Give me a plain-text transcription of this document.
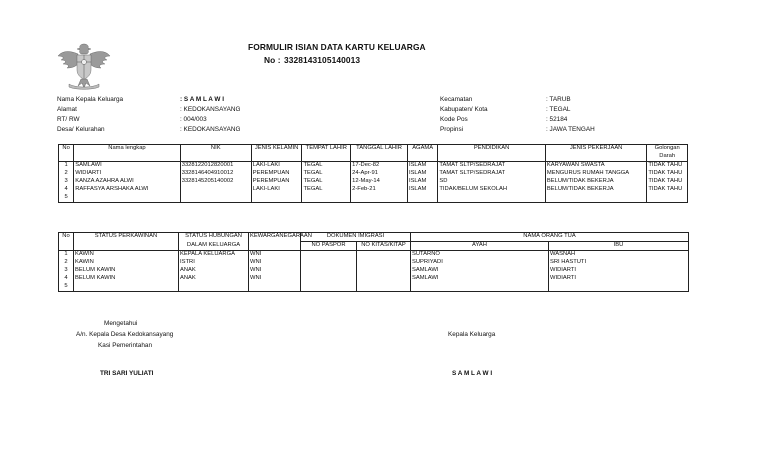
FORMULIR ISIAN DATA KARTU KELUARGA
No : 3328143105140013
Nama Kepala Keluarga	: S A M L A W I
Alamat	: KEDOKANSAYANG
RT/ RW	: 004/003
Desa/ Kelurahan	: KEDOKANSAYANG
Kecamatan	: TARUB
Kabupaten/ Kota	: TEGAL
Kode Pos	: 52184
Propinsi	: JAWA TENGAH
No	Nama lengkap	NIK	JENIS KELAMIN	TEMPAT LAHIR	TANGGAL LAHIR	AGAMA	PENDIDIKAN	JENIS PEKERJAAN	Golongan
									Darah
1	SAMLAWI	3328122012820001	LAKI-LAKI	TEGAL	17-Dec-82	ISLAM	TAMAT SLTP/SEDRAJAT	KARYAWAN SWASTA	TIDAK TAHU
2	WIDIARTI	3328146404910012	PEREMPUAN	TEGAL	24-Apr-91	ISLAM	TAMAT SLTP/SEDRAJAT	MENGURUS RUMAH TANGGA	TIDAK TAHU
3	KANZA AZAHRA ALWI	3328145205140002	PEREMPUAN	TEGAL	12-May-14	ISLAM	SD	BELUM/TIDAK BEKERJA	TIDAK TAHU
4	RAFFASYA ARSHAKA ALWI		LAKI-LAKI	TEGAL	2-Feb-21	ISLAM	TIDAK/BELUM SEKOLAH	BELUM/TIDAK BEKERJA	TIDAK TAHU
5									
No	STATUS PERKAWINAN	STATUS HUBUNGAN	KEWARGANEGARAAN	DOKUMEN IMIGRASI		NAMA ORANG TUA	
		DALAM KELUARGA		NO PASPOR	NO KITAS/KITAP	AYAH	IBU
1	KAWIN	KEPALA KELUARGA	WNI			SUTARNO	WASNAH
2	KAWIN	ISTRI	WNI			SUPRIYADI	SRI HASTUTI
3	BELUM KAWIN	ANAK	WNI			SAMLAWI	WIDIARTI
4	BELUM KAWIN	ANAK	WNI			SAMLAWI	WIDIARTI
5							
Mengetahui
A/n. Kepala Desa Kedokansayang
Kasi Pemerintahan
TRI SARI YULIATI
Kepala Keluarga
S A M L A W I
